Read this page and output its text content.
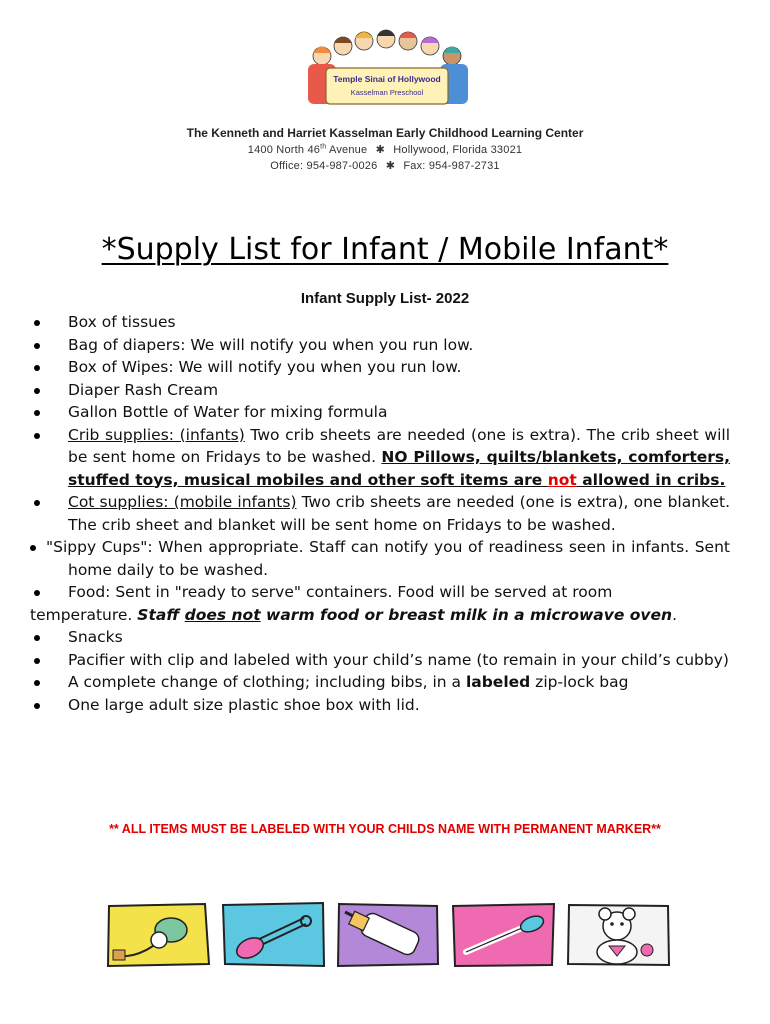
Temple Sinai of Hollywood
Kasselman Preschool
The Kenneth and Harriet Kasselman Early Childhood Learning Center
1400 North 46th Avenue ✱ Hollywood, Florida 33021
Office: 954-987-0026 ✱ Fax: 954-987-2731
*Supply List for Infant / Mobile Infant*
Infant Supply List- 2022
Box of tissues
Bag of diapers: We will notify you when you run low.
Box of Wipes: We will notify you when you run low.
Diaper Rash Cream
Gallon Bottle of Water for mixing formula
Crib supplies: (infants) Two crib sheets are needed (one is extra). The crib sheet will be sent home on Fridays to be washed. NO Pillows, quilts/blankets, comforters, stuffed toys, musical mobiles and other soft items are not allowed in cribs.
Cot supplies: (mobile infants) Two crib sheets are needed (one is extra), one blanket. The crib sheet and blanket will be sent home on Fridays to be washed.
"Sippy Cups": When appropriate. Staff can notify you of readiness seen in infants. Sent home daily to be washed.
Food: Sent in "ready to serve" containers. Food will be served at room
temperature. Staff does not warm food or breast milk in a microwave oven.
Snacks
Pacifier with clip and labeled with your child’s name (to remain in your child’s cubby)
A complete change of clothing; including bibs, in a labeled zip-lock bag
One large adult size plastic shoe box with lid.
** ALL ITEMS MUST BE LABELED WITH YOUR CHILDS NAME WITH PERMANENT MARKER**
